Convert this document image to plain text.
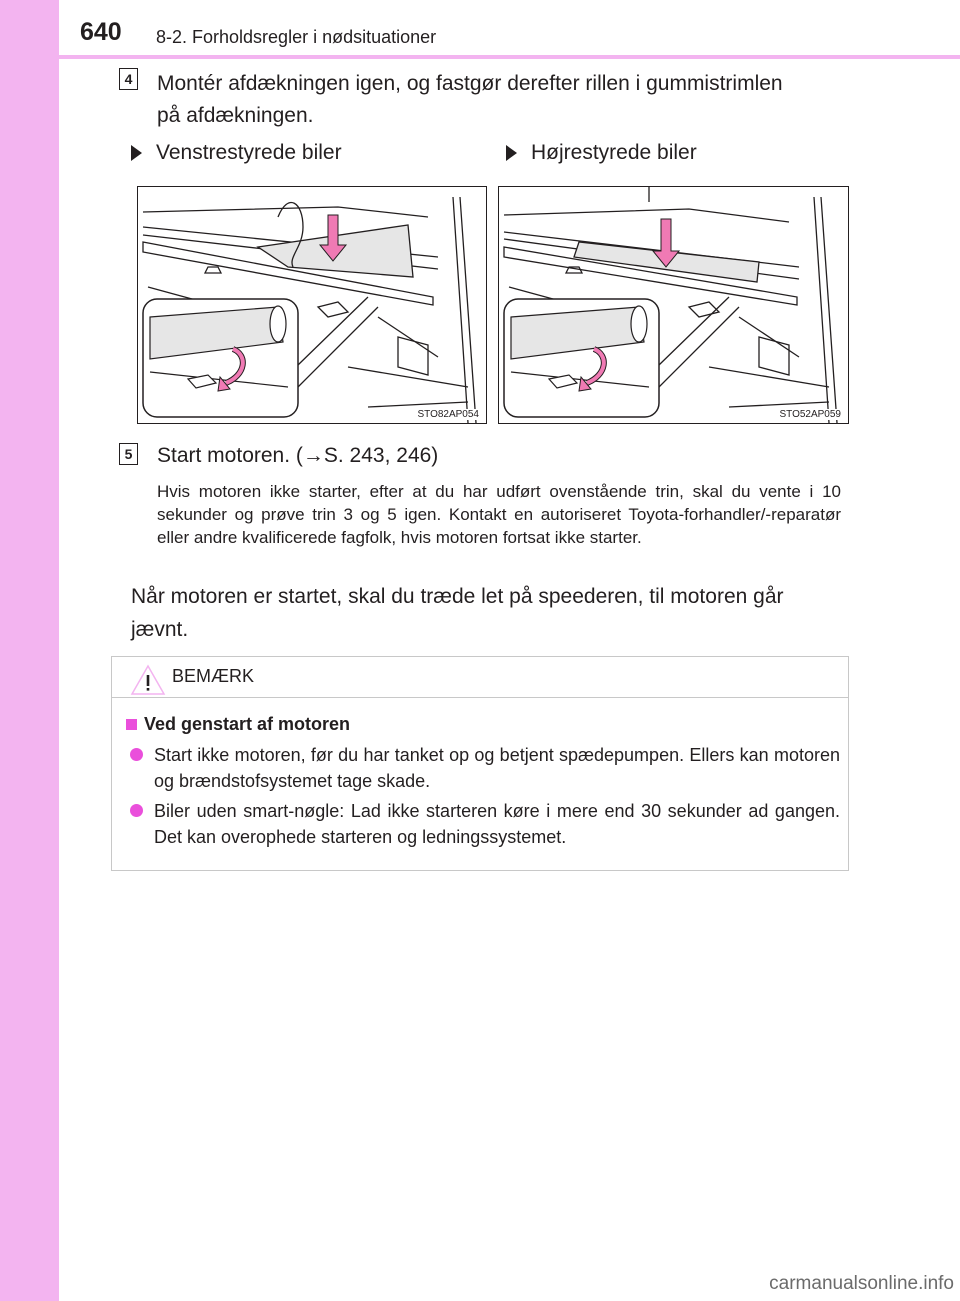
640 8-2. Forholdsregler i nødsituationer
4 Montér afdækningen igen, og fastgør derefter rillen i gummistrimlen
på afdækningen.
Venstrestyrede biler	Højrestyrede biler
STO82AP054	STO52AP059
5 Start motoren. (→S. 243, 246)
Hvis motoren ikke starter, efter at du har udført ovenstående trin, skal du vente i 10 sekunder og prøve trin 3 og 5 igen. Kontakt en autoriseret Toyota-forhandler/-reparatør eller andre kvalificerede fagfolk, hvis motoren fortsat ikke starter.
Når motoren er startet, skal du træde let på speederen, til motoren går jævnt.
BEMÆRK
Ved genstart af motoren
Start ikke motoren, før du har tanket op og betjent spædepumpen. Ellers kan motoren og brændstofsystemet tage skade.
Biler uden smart-nøgle: Lad ikke starteren køre i mere end 30 sekunder ad gangen. Det kan overophede starteren og ledningssystemet.
carmanualsonline.info
